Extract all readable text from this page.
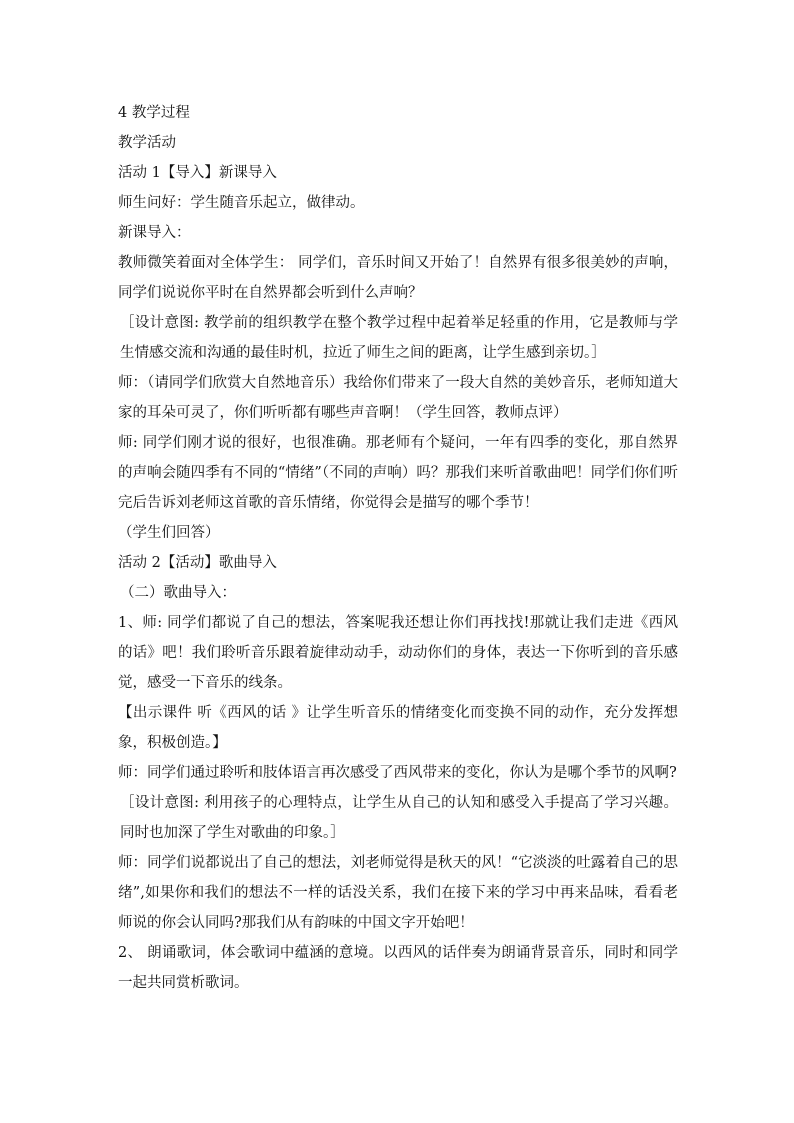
4 教学过程

教学活动

活动 1【导入】新课导入

师生问好：学生随音乐起立，做律动。

新课导入：

教师微笑着面对全体学生： 同学们，音乐时间又开始了！自然界有很多很美妙的声响，同学们说说你平时在自然界都会听到什么声响？

［设计意图: 教学前的组织教学在整个教学过程中起着举足轻重的作用，它是教师与学生情感交流和沟通的最佳时机，拉近了师生之间的距离，让学生感到亲切。］

师：（请同学们欣赏大自然地音乐）我给你们带来了一段大自然的美妙音乐，老师知道大家的耳朵可灵了，你们听听都有哪些声音啊！（学生回答，教师点评）

师: 同学们刚才说的很好，也很准确。那老师有个疑问，一年有四季的变化，那自然界的声响会随四季有不同的“情绪”（不同的声响）吗？那我们来听首歌曲吧！同学们你们听完后告诉刘老师这首歌的音乐情绪，你觉得会是描写的哪个季节！

（学生们回答）

活动 2【活动】歌曲导入

（二）歌曲导入：

1、师: 同学们都说了自己的想法，答案呢我还想让你们再找找!那就让我们走进《西风的话》吧！我们聆听音乐跟着旋律动动手，动动你们的身体，表达一下你听到的音乐感觉，感受一下音乐的线条。

【出示课件 听《西风的话 》让学生听音乐的情绪变化而变换不同的动作，充分发挥想象，积极创造。】

师：同学们通过聆听和肢体语言再次感受了西风带来的变化，你认为是哪个季节的风啊?

［设计意图: 利用孩子的心理特点，让学生从自己的认知和感受入手提高了学习兴趣。同时也加深了学生对歌曲的印象。］

师：同学们说都说出了自己的想法，刘老师觉得是秋天的风！“它淡淡的吐露着自己的思绪”,如果你和我们的想法不一样的话没关系，我们在接下来的学习中再来品味，看看老师说的你会认同吗?那我们从有韵味的中国文字开始吧！

2、 朗诵歌词，体会歌词中蕴涵的意境。以西风的话伴奏为朗诵背景音乐，同时和同学一起共同赏析歌词。
